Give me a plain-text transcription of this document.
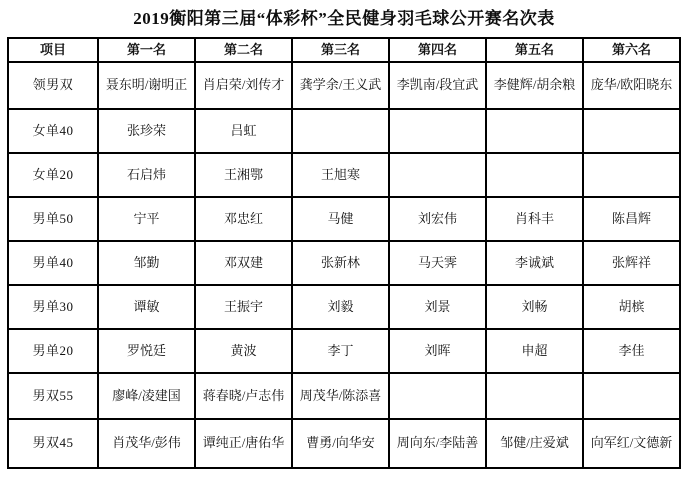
2019衡阳第三届“体彩杯”全民健身羽毛球公开赛名次表
项目	第一名	第二名	第三名	第四名	第五名	第六名
领男双	聂东明/谢明正	肖启荣/刘传才	龚学余/王义武	李凯南/段宜武	李健辉/胡余粮	庞华/欧阳晓东
女单40	张珍荣	吕虹				
女单20	石启炜	王湘鄂	王旭寒			
男单50	宁平	邓忠红	马健	刘宏伟	肖科丰	陈昌辉
男单40	邹勤	邓双建	张新林	马天霁	李诚斌	张辉祥
男单30	谭敏	王振宇	刘毅	刘景	刘畅	胡槟
男单20	罗悦廷	黄波	李丁	刘晖	申超	李佳
男双55	廖峰/凌建国	蒋春晓/卢志伟	周茂华/陈添喜			
男双45	肖茂华/彭伟	谭纯正/唐佑华	曹勇/向华安	周向东/李陆善	邹健/庄爱斌	向军红/文德新
